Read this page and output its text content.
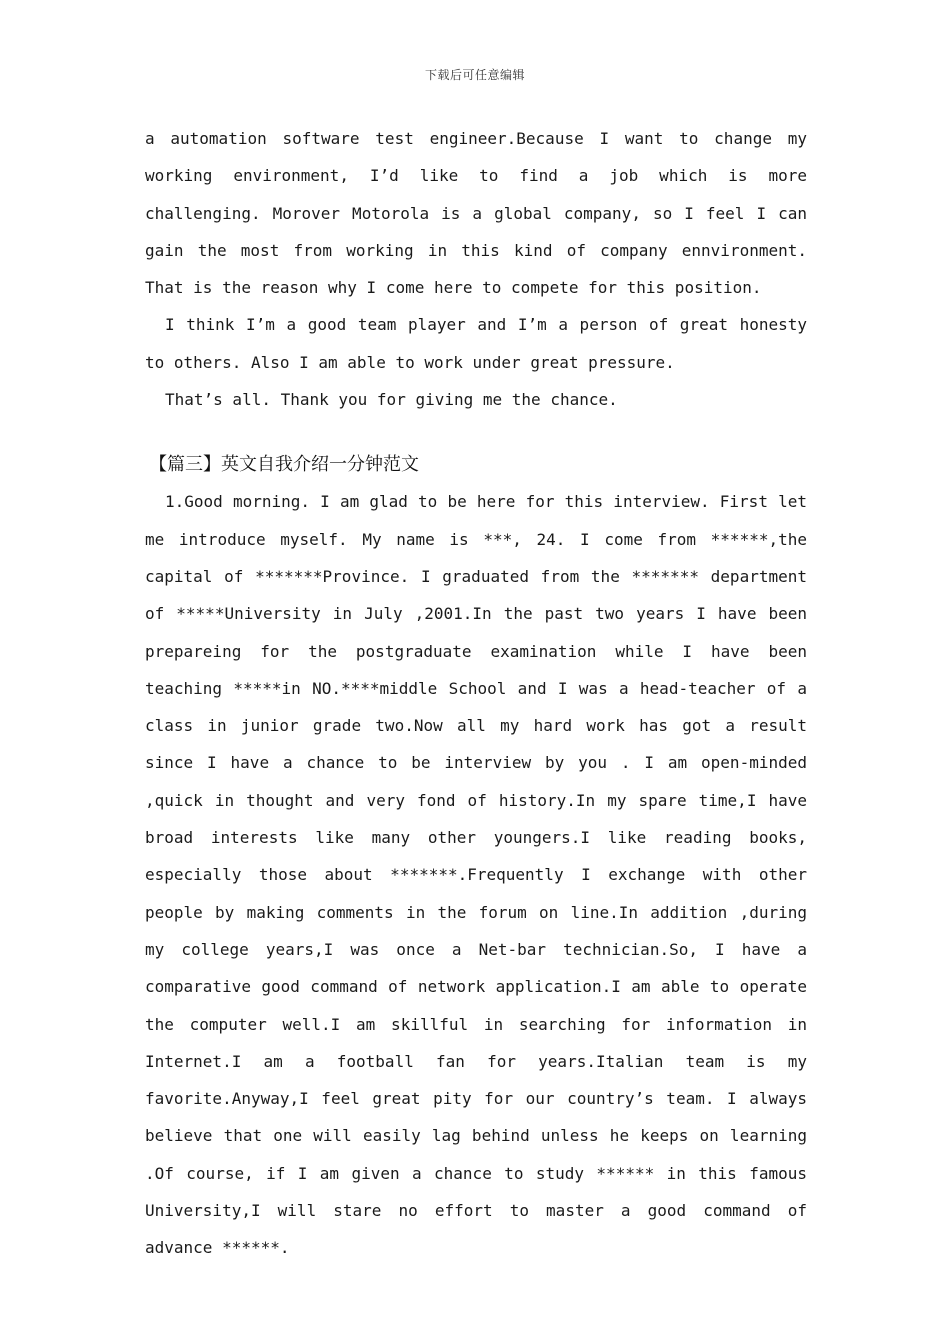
下载后可任意编辑

a automation software test engineer.Because I want to change my working environment, I’d like to find a job which is more challenging. Morover Motorola is a global company, so I feel I can gain the most from working in this kind of company ennvironment. That is the reason why I come here to compete for this position.

I think I’m a good team player and I’m a person of great honesty to others. Also I am able to work under great pressure.

That’s all. Thank you for giving me the chance.

【篇三】英文自我介绍一分钟范文

1.Good morning. I am glad to be here for this interview. First let me introduce myself. My name is ***, 24. I come from ******,the capital of *******Province. I graduated from the ******* department of *****University in July ,2001.In the past two years I have been prepareing for the postgraduate examination while I have been teaching *****in NO.****middle School and I was a head-teacher of a class in junior grade two.Now all my hard work has got a result since I have a chance to be interview by you . I am open-minded ,quick in thought and very fond of history.In my spare time,I have broad interests like many other youngers.I like reading books, especially those about *******.Frequently I exchange with other people by making comments in the forum on line.In addition ,during my college years,I was once a Net-bar technician.So, I have a comparative good command of network application.I am able to operate the computer well.I am skillful in searching for information in Internet.I am a football fan for years.Italian team is my favorite.Anyway,I feel great pity for our country’s team. I always believe that one will easily lag behind unless he keeps on learning .Of course, if I am given a chance to study ****** in this famous University,I will stare no effort to master a good command of advance ******.
